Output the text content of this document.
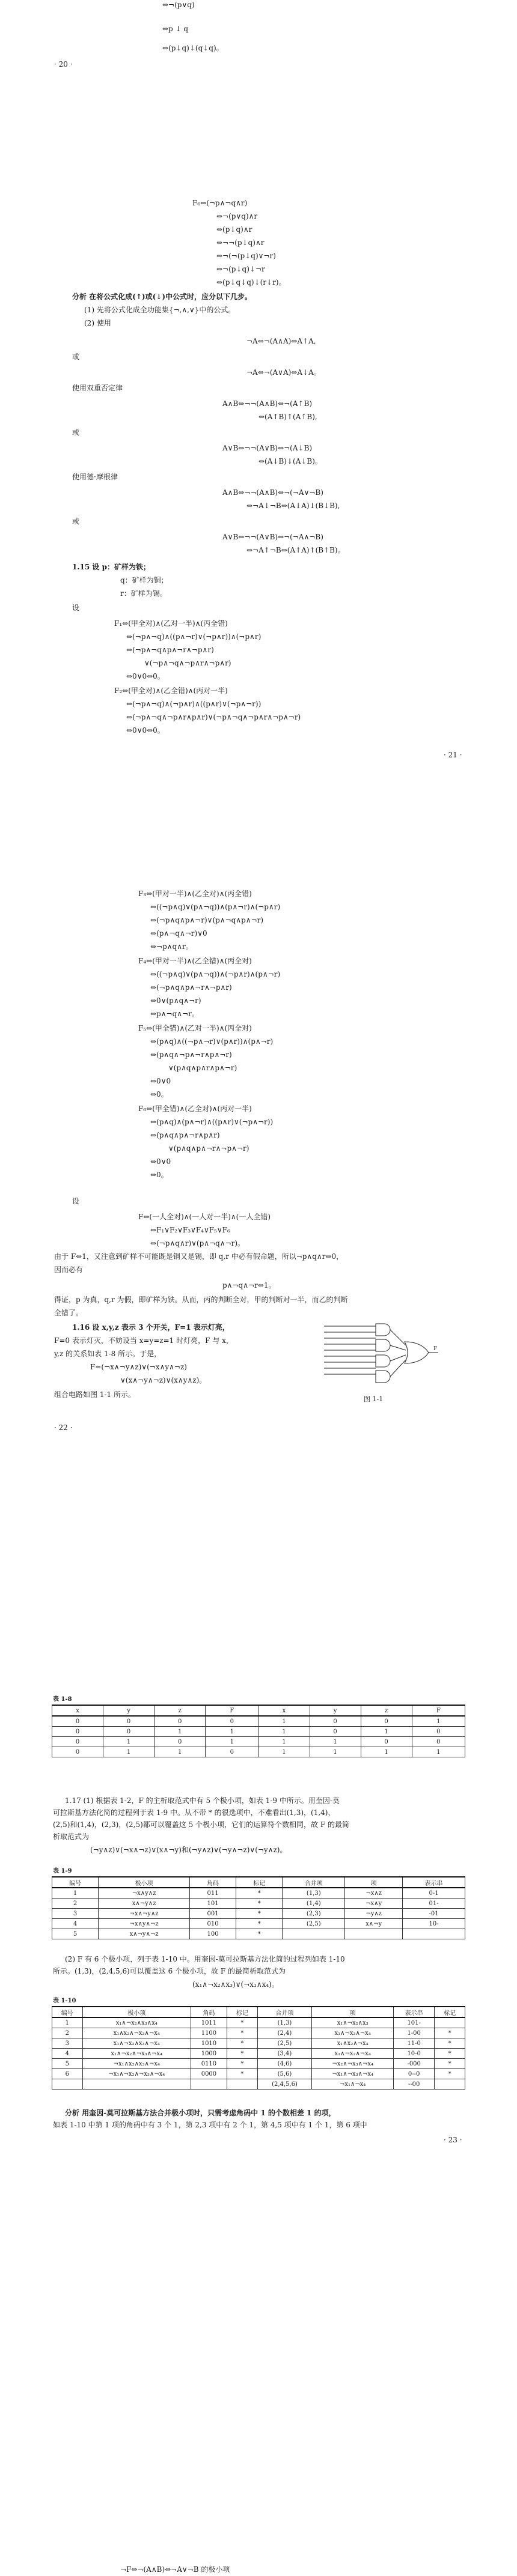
⇔¬(p∨q)
⇔p ↓ q
⇔(p↓q)↓(q↓q)。
· 20 ·
F₆⇔(¬p∧¬q∧r)
⇔¬(p∨q)∧r
⇔(p↓q)∧r
⇔¬¬(p↓q)∧r
⇔¬(¬(p↓q)∨¬r)
⇔¬(p↓q)↓¬r
⇔(p↓q↓q)↓(r↓r)。
分析 在将公式化成(↑)或(↓)中公式时，应分以下几步。
(1) 先将公式化成全功能集{¬,∧,∨}中的公式。
(2) 使用
¬A⇔¬(A∧A)⇔A↑A,
或
¬A⇔¬(A∨A)⇔A↓A。
使用双重否定律
A∧B⇔¬¬(A∧B)⇔¬(A↑B)
⇔(A↑B)↑(A↑B),
或
A∨B⇔¬¬(A∨B)⇔¬(A↓B)
⇔(A↓B)↓(A↓B)。
使用德·摩根律
A∧B⇔¬¬(A∧B)⇔¬(¬A∨¬B)
⇔¬A↓¬B⇔(A↓A)↓(B↓B),
或
A∨B⇔¬¬(A∨B)⇔¬(¬A∧¬B)
⇔¬A↑¬B⇔(A↑A)↑(B↑B)。
1.15 设 p：矿样为铁；
q：矿样为铜；
r：矿样为锡。
设
F₁⇔(甲全对)∧(乙对一半)∧(丙全错)
⇔(¬p∧¬q)∧((p∧¬r)∨(¬p∧r))∧(¬p∧r)
⇔(¬p∧¬q∧p∧¬r∧¬p∧r)
∨(¬p∧¬q∧¬p∧r∧¬p∧r)
⇔0∨0⇔0。
F₂⇔(甲全对)∧(乙全错)∧(丙对一半)
⇔(¬p∧¬q)∧(¬p∧r)∧((p∧r)∨(¬p∧¬r))
⇔(¬p∧¬q∧¬p∧r∧p∧r)∨(¬p∧¬q∧¬p∧r∧¬p∧¬r)
⇔0∨0⇔0。
· 21 ·
F₃⇔(甲对一半)∧(乙全对)∧(丙全错)
⇔((¬p∧q)∨(p∧¬q))∧(p∧¬r)∧(¬p∧r)
⇔(¬p∧q∧p∧¬r)∨(p∧¬q∧p∧¬r)
⇔(p∧¬q∧¬r)∨0
⇔¬p∧q∧r。
F₄⇔(甲对一半)∧(乙全错)∧(丙全对)
⇔((¬p∧q)∨(p∧¬q))∧(¬p∧r)∧(p∧¬r)
⇔(¬p∧q∧p∧¬r∧¬p∧r)
⇔0∨(p∧q∧¬r)
⇔p∧¬q∧¬r。
F₅⇔(甲全错)∧(乙对一半)∧(丙全对)
⇔(p∧q)∧((¬p∧¬r)∨(p∧r))∧(p∧¬r)
⇔(p∧q∧¬p∧¬r∧p∧¬r)
∨(p∧q∧p∧r∧p∧¬r)
⇔0∨0
⇔0。
F₆⇔(甲全错)∧(乙全对)∧(丙对一半)
⇔(p∧q)∧(p∧¬r)∧((p∧r)∨(¬p∧¬r))
⇔(p∧q∧p∧¬r∧p∧r)
∨(p∧q∧p∧¬r∧¬p∧¬r)
⇔0∨0
⇔0。
设
F⇔(一人全对)∧(一人对一半)∧(一人全错)
⇔F₁∨F₂∨F₃∨F₄∨F₅∨F₆
⇔(¬p∧q∧r)∨(p∧¬q∧¬r)。
由于 F⇔1，又注意到矿样不可能既是铜又是锡，即 q,r 中必有假命题，所以¬p∧q∧r⇔0，
因而必有
p∧¬q∧¬r⇔1。
得证，p 为真，q,r 为假，即矿样为铁。从而，丙的判断全对，甲的判断对一半，而乙的判断
全错了。
1.16 设 x,y,z 表示 3 个开关，F=1 表示灯亮，
F=0 表示灯灭，不妨设当 x=y=z=1 时灯亮，F 与 x，
y,z 的关系如表 1-8 所示。于是，
F=(¬x∧¬y∧z)∨(¬x∧y∧¬z)
∨(x∧¬y∧¬z)∨(x∧y∧z)。
组合电路如图 1-1 所示。
F
图 1-1
· 22 ·
表 1-8
x	y	z	F	x	y	z	F
0	0	0	0	1	0	0	1
0	0	1	1	1	0	1	0
0	1	0	1	1	1	0	0
0	1	1	0	1	1	1	1
1.17 (1) 根据表 1-2，F 的主析取范式中有 5 个极小项，如表 1-9 中所示。用奎因-莫
可拉斯基方法化简的过程列于表 1-9 中。从不带 * 的很选项中，不难看出(1,3)，(1,4)，
(2,5)和(1,4)，(2,3)，(2,5)都可以覆盖这 5 个极小项，它们的运算符个数相同，故 F 的最简
析取范式为
(¬y∧z)∨(¬x∧¬z)∨(x∧¬y)和(¬y∧z)∨(¬y∧¬z)∨(¬y∧z)。
表 1-9
编号	极小项	角码	标记	合并项	项	表示串
1	¬x∧y∧z	011	*	(1,3)	¬x∧z	0-1
2	x∧¬y∧z	101	*	(1,4)	¬x∧y	01-
3	¬x∧¬y∧z	001	*	(2,3)	¬y∧z	-01
4	¬x∧y∧¬z	010	*	(2,5)	x∧¬y	10-
5	x∧¬y∧¬z	100	*			
(2) F 有 6 个极小项，列于表 1-10 中。用奎因-莫可拉斯基方法化简的过程列如表 1-10
所示。(1,3)，(2,4,5,6)可以覆盖这 6 个极小项，故 F 的最简析取范式为
(x₁∧¬x₂∧x₃)∨(¬x₁∧x₄)。
表 1-10
编号	极小项	角码	标记	合并项	项	表示串	标记
1	x₁∧¬x₂∧x₃∧x₄	1011	*	(1,3)	x₁∧¬x₂∧x₃	101-	
2	x₁∧x₂∧¬x₃∧¬x₄	1100	*	(2,4)	x₁∧¬x₃∧¬x₄	1-00	*
3	x₁∧¬x₂∧x₃∧¬x₄	1010	*	(2,5)	x₁∧x₂∧¬x₄	11-0	*
4	x₁∧¬x₂∧¬x₃∧¬x₄	1000	*	(3,4)	x₁∧¬x₂∧¬x₄	10-0	*
5	¬x₁∧x₂∧x₃∧¬x₄	0110	*	(4,6)	¬x₂∧¬x₃∧¬x₄	-000	*
6	¬x₁∧¬x₂∧¬x₃∧¬x₄	0000	*	(5,6)	¬x₁∧¬x₃∧¬x₄	0--0	*
				(2,4,5,6)	¬x₁∧¬x₄	--00	
分析 用奎因-莫可拉斯基方法合并极小项时，只需考虑角码中 1 的个数相差 1 的项，
如表 1-10 中第 1 项的角码中有 3 个 1，第 2,3 项中有 2 个 1，第 4,5 项中有 1 个 1，第 6 项中
· 23 ·
¬F⇔¬(A∧B)⇔¬A∨¬B 的极小项
